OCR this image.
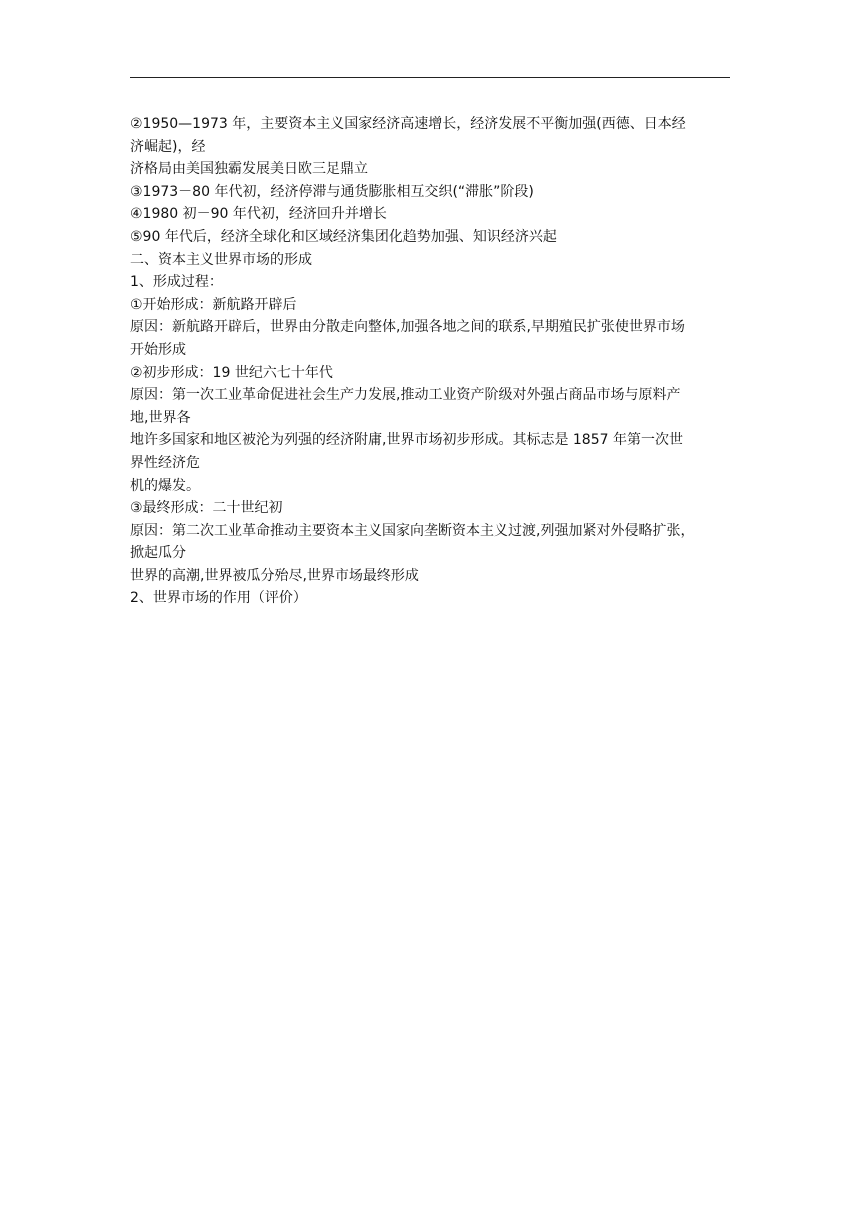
②1950—1973 年，主要资本主义国家经济高速增长，经济发展不平衡加强(西德、日本经
济崛起)，经
济格局由美国独霸发展美日欧三足鼎立
③1973－80 年代初，经济停滞与通货膨胀相互交织(“滞胀”阶段)
④1980 初－90 年代初，经济回升并增长
⑤90 年代后，经济全球化和区域经济集团化趋势加强、知识经济兴起
二、资本主义世界市场的形成
1、形成过程：
①开始形成：新航路开辟后
原因：新航路开辟后，世界由分散走向整体,加强各地之间的联系,早期殖民扩张使世界市场
开始形成
②初步形成：19 世纪六七十年代
原因：第一次工业革命促进社会生产力发展,推动工业资产阶级对外强占商品市场与原料产
地,世界各
地许多国家和地区被沦为列强的经济附庸,世界市场初步形成。其标志是 1857 年第一次世
界性经济危
机的爆发。
③最终形成：二十世纪初
原因：第二次工业革命推动主要资本主义国家向垄断资本主义过渡,列强加紧对外侵略扩张，
掀起瓜分
世界的高潮,世界被瓜分殆尽,世界市场最终形成
2、世界市场的作用（评价）
